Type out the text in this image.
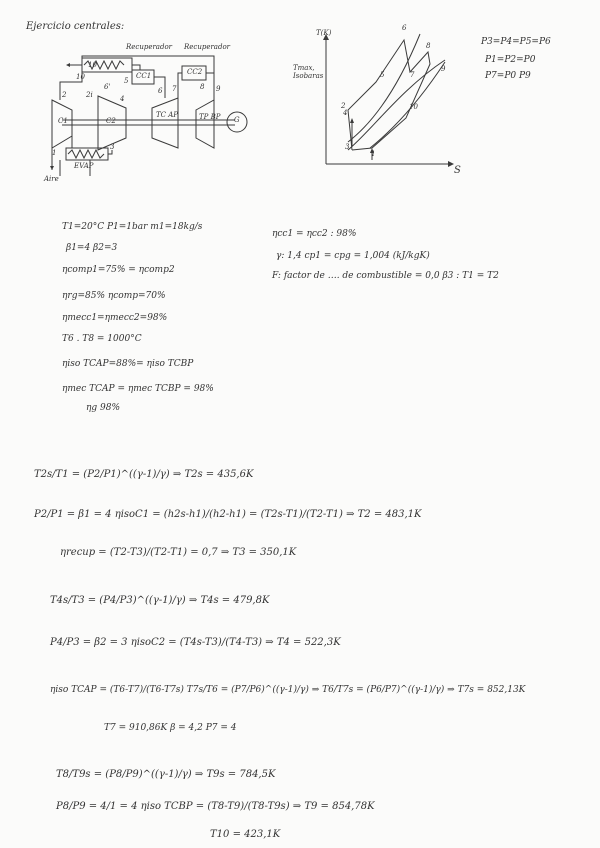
Ejercicio centrales:
Recuperador Recuperador
CC1	CC2
C1	C2
TC AP	TP BP G
EVAP
Aire
10
1
2
3
4
5
6 7	8 9
10
6'
2i
T(K)
Tmax, Isobaras
S
1
2
3
4
5
6
7
8
9
10
P3=P4=P5=P6
P1=P2=P0
P7=P0 P9
T1=20°C P1=1bar m1=18kg/s
β1=4 β2=3
ηcomp1=75% = ηcomp2
ηrg=85% ηcomp=70%
ηmecc1=ηmecc2=98%
T6 . T8 = 1000°C
ηiso TCAP=88%= ηiso TCBP
ηmec TCAP = ηmec TCBP = 98%
ηg 98%
ηcc1 = ηcc2 : 98%
γ: 1,4 cp1 = cpg = 1,004 (kJ/kgK)
F: factor de …. de combustible = 0,0 β3 : T1 = T2
T2s/T1 = (P2/P1)^((γ-1)/γ) ⇒ T2s = 435,6K
P2/P1 = β1 = 4 ηisoC1 = (h2s-h1)/(h2-h1) = (T2s-T1)/(T2-T1) ⇒ T2 = 483,1K
ηrecup = (T2-T3)/(T2-T1) = 0,7 ⇒ T3 = 350,1K
T4s/T3 = (P4/P3)^((γ-1)/γ) ⇒ T4s = 479,8K
P4/P3 = β2 = 3 ηisoC2 = (T4s-T3)/(T4-T3) ⇒ T4 = 522,3K
ηiso TCAP = (T6-T7)/(T6-T7s) T7s/T6 = (P7/P6)^((γ-1)/γ) ⇒ T6/T7s = (P6/P7)^((γ-1)/γ) ⇒ T7s = 852,13K
T7 = 910,86K β = 4,2 P7 = 4
T8/T9s = (P8/P9)^((γ-1)/γ) ⇒ T9s = 784,5K
P8/P9 = 4/1 = 4 ηiso TCBP = (T8-T9)/(T8-T9s) ⇒ T9 = 854,78K
T10 = 423,1K
